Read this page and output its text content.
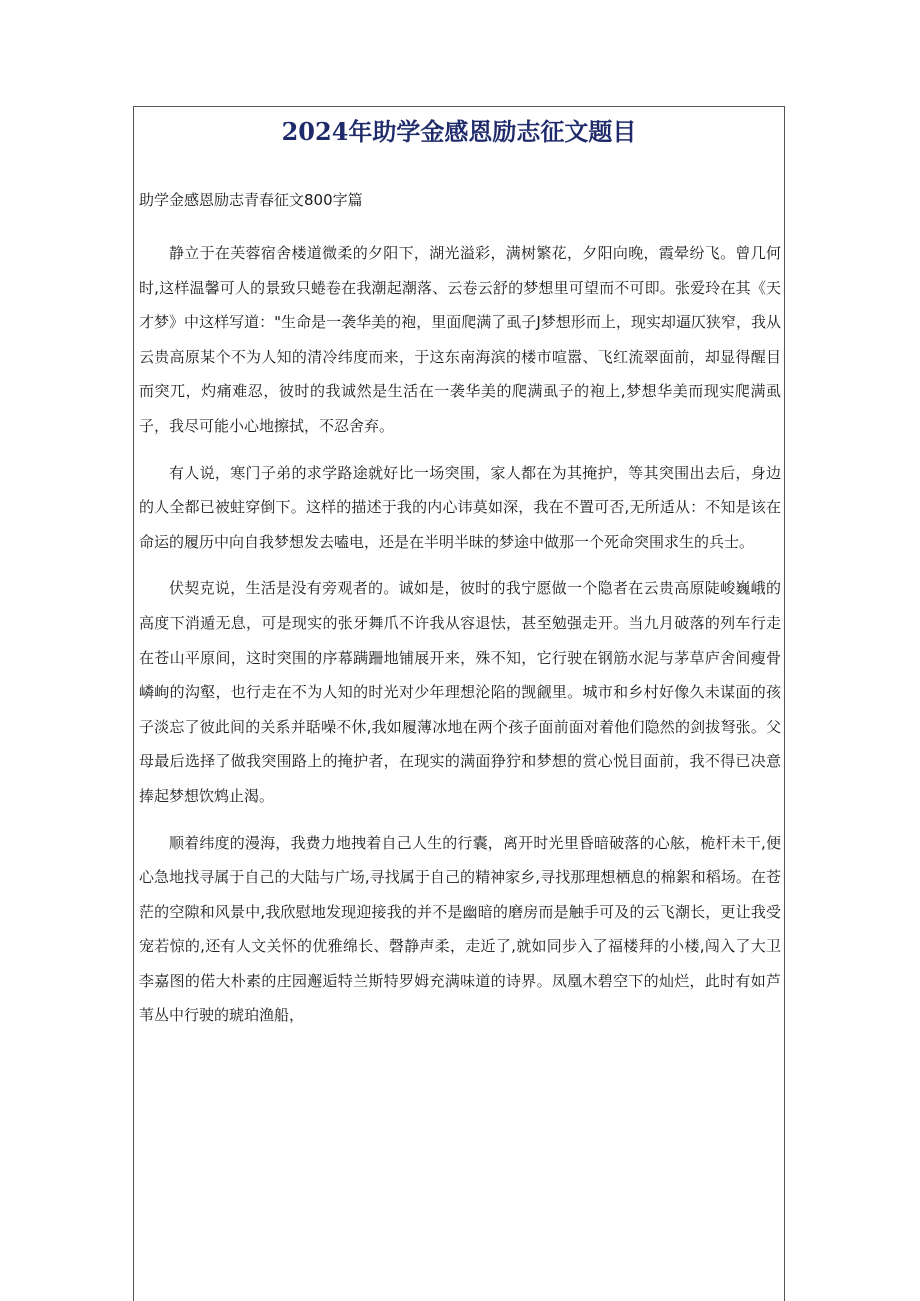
2024年助学金感恩励志征文题目
助学金感恩励志青春征文800字篇

静立于在芙蓉宿舍楼道微柔的夕阳下，湖光溢彩，满树繁花，夕阳向晚，霞晕纷飞。曾几何时,这样温馨可人的景致只蜷卷在我潮起潮落、云卷云舒的梦想里可望而不可即。张爱玲在其《天才梦》中这样写道："生命是一袭华美的袍，里面爬满了虱子J梦想形而上，现实却逼仄狭窄，我从云贵高原某个不为人知的清冷纬度而来，于这东南海滨的楼市喧嚣、飞红流翠面前，却显得醒目而突兀，灼痛难忍，彼时的我诚然是生活在一袭华美的爬满虱子的袍上,梦想华美而现实爬满虱子，我尽可能小心地擦拭，不忍舍弃。

有人说，寒门子弟的求学路途就好比一场突围，家人都在为其掩护，等其突围出去后，身边的人全都已被蛀穿倒下。这样的描述于我的内心讳莫如深，我在不置可否,无所适从：不知是该在命运的履历中向自我梦想发去嗑电，还是在半明半昧的梦途中做那一个死命突围求生的兵士。

伏契克说，生活是没有旁观者的。诚如是，彼时的我宁愿做一个隐者在云贵高原陡峻巍峨的高度下消遁无息，可是现实的张牙舞爪不许我从容退怯，甚至勉强走开。当九月破落的列车行走在苍山平原间，这时突围的序幕蹒跚地铺展开来，殊不知，它行驶在钢筋水泥与茅草庐舍间瘦骨嶙峋的沟壑，也行走在不为人知的时光对少年理想沦陷的觊觎里。城市和乡村好像久未谋面的孩子淡忘了彼此间的关系并聒噪不休,我如履薄冰地在两个孩子面前面对着他们隐然的剑拔弩张。父母最后选择了做我突围路上的掩护者，在现实的满面狰狞和梦想的赏心悦目面前，我不得已决意捧起梦想饮鸩止渴。

顺着纬度的漫海，我费力地拽着自己人生的行囊，离开时光里昏暗破落的心舷，桅杆未干,便心急地找寻属于自己的大陆与广场,寻找属于自己的精神家乡,寻找那理想栖息的棉絮和稻场。在苍茫的空隙和风景中,我欣慰地发现迎接我的并不是幽暗的磨房而是触手可及的云飞潮长，更让我受宠若惊的,还有人文关怀的优雅绵长、磬静声柔，走近了,就如同步入了福楼拜的小楼,闯入了大卫李嘉图的偌大朴素的庄园邂逅特兰斯特罗姆充满味道的诗界。凤凰木碧空下的灿烂，此时有如芦苇丛中行驶的琥珀渔船，
